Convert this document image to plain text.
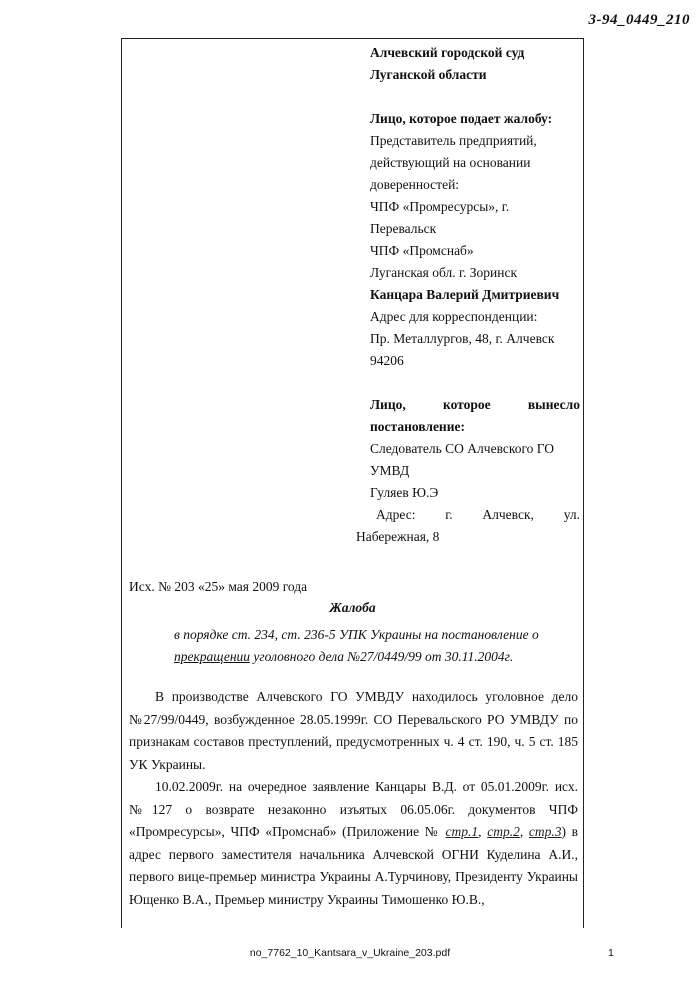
3-94_0449_210
Алчевский городской суд
Луганской области
Лицо, которое подает жалобу:
Представитель предприятий,
действующий на основании
доверенностей:
ЧПФ «Промресурсы», г.
Перевальск
ЧПФ «Промснаб»
Луганская обл. г. Зоринск
Канцара Валерий Дмитриевич
Адрес для корреспонденции:
Пр. Металлургов, 48, г. Алчевск
94206
Лицо,	которое	вынесло
постановление:
Следователь СО Алчевского ГО
УМВД
Гуляев Ю.Э
Адрес: г. Алчевск, ул.
Набережная, 8
Исх. № 203 «25» мая 2009 года
Жалоба
в порядке ст. 234, ст. 236-5 УПК Украины на постановление о
прекращении уголовного дела №27/0449/99 от 30.11.2004г.

В производстве Алчевского ГО УМВДУ находилось уголовное дело №27/99/0449, возбужденное 28.05.1999г. СО Перевальского РО УМВДУ по признакам составов преступлений, предусмотренных ч. 4 ст. 190, ч. 5 ст. 185 УК Украины.

10.02.2009г. на очередное заявление Канцары В.Д. от 05.01.2009г. исх.№127 о возврате незаконно изъятых 06.05.06г. документов ЧПФ «Промресурсы», ЧПФ «Промснаб» (Приложение № стр.1, стр.2, стр.3) в адрес первого заместителя начальника Алчевской ОГНИ Куделина А.И., первого вице-премьер министра Украины А.Турчинову, Президенту Украины Ющенко В.А., Премьер министру Украины Тимошенко Ю.В.,

no_7762_10_Kantsara_v_Ukraine_203.pdf	1
